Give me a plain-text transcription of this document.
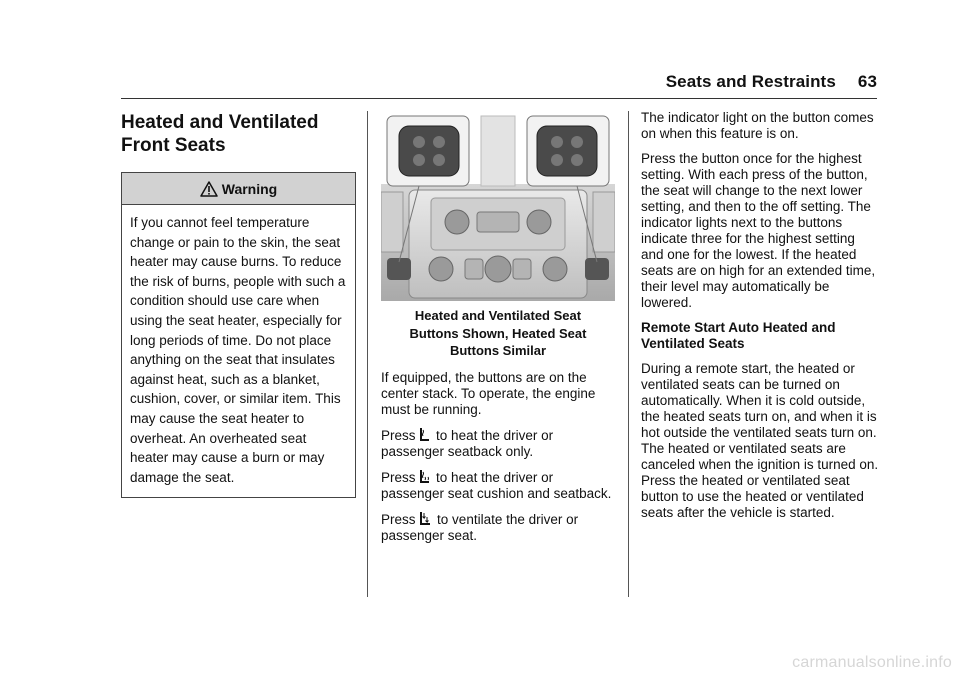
Seats and Restraints 63
Heated and Ventilated
Front Seats
Warning
If you cannot feel temperature change or pain to the skin, the seat heater may cause burns. To reduce the risk of burns, people with such a condition should use care when using the seat heater, especially for long periods of time. Do not place anything on the seat that insulates against heat, such as a blanket, cushion, cover, or similar item. This may cause the seat heater to overheat. An overheated seat heater may cause a burn or may damage the seat.
Heated and Ventilated Seat
Buttons Shown, Heated Seat
Buttons Similar
If equipped, the buttons are on the center stack. To operate, the engine must be running.
Press to heat the driver or passenger seatback only.
Press to heat the driver or passenger seat cushion and seatback.
Press to ventilate the driver or passenger seat.
The indicator light on the button comes on when this feature is on.
Press the button once for the highest setting. With each press of the button, the seat will change to the next lower setting, and then to the off setting. The indicator lights next to the buttons indicate three for the highest setting and one for the lowest. If the heated seats are on high for an extended time, their level may automatically be lowered.
Remote Start Auto Heated and Ventilated Seats
During a remote start, the heated or ventilated seats can be turned on automatically. When it is cold outside, the heated seats turn on, and when it is hot outside the ventilated seats turn on. The heated or ventilated seats are canceled when the ignition is turned on. Press the heated or ventilated seat button to use the heated or ventilated seats after the vehicle is started.
carmanualsonline.info
